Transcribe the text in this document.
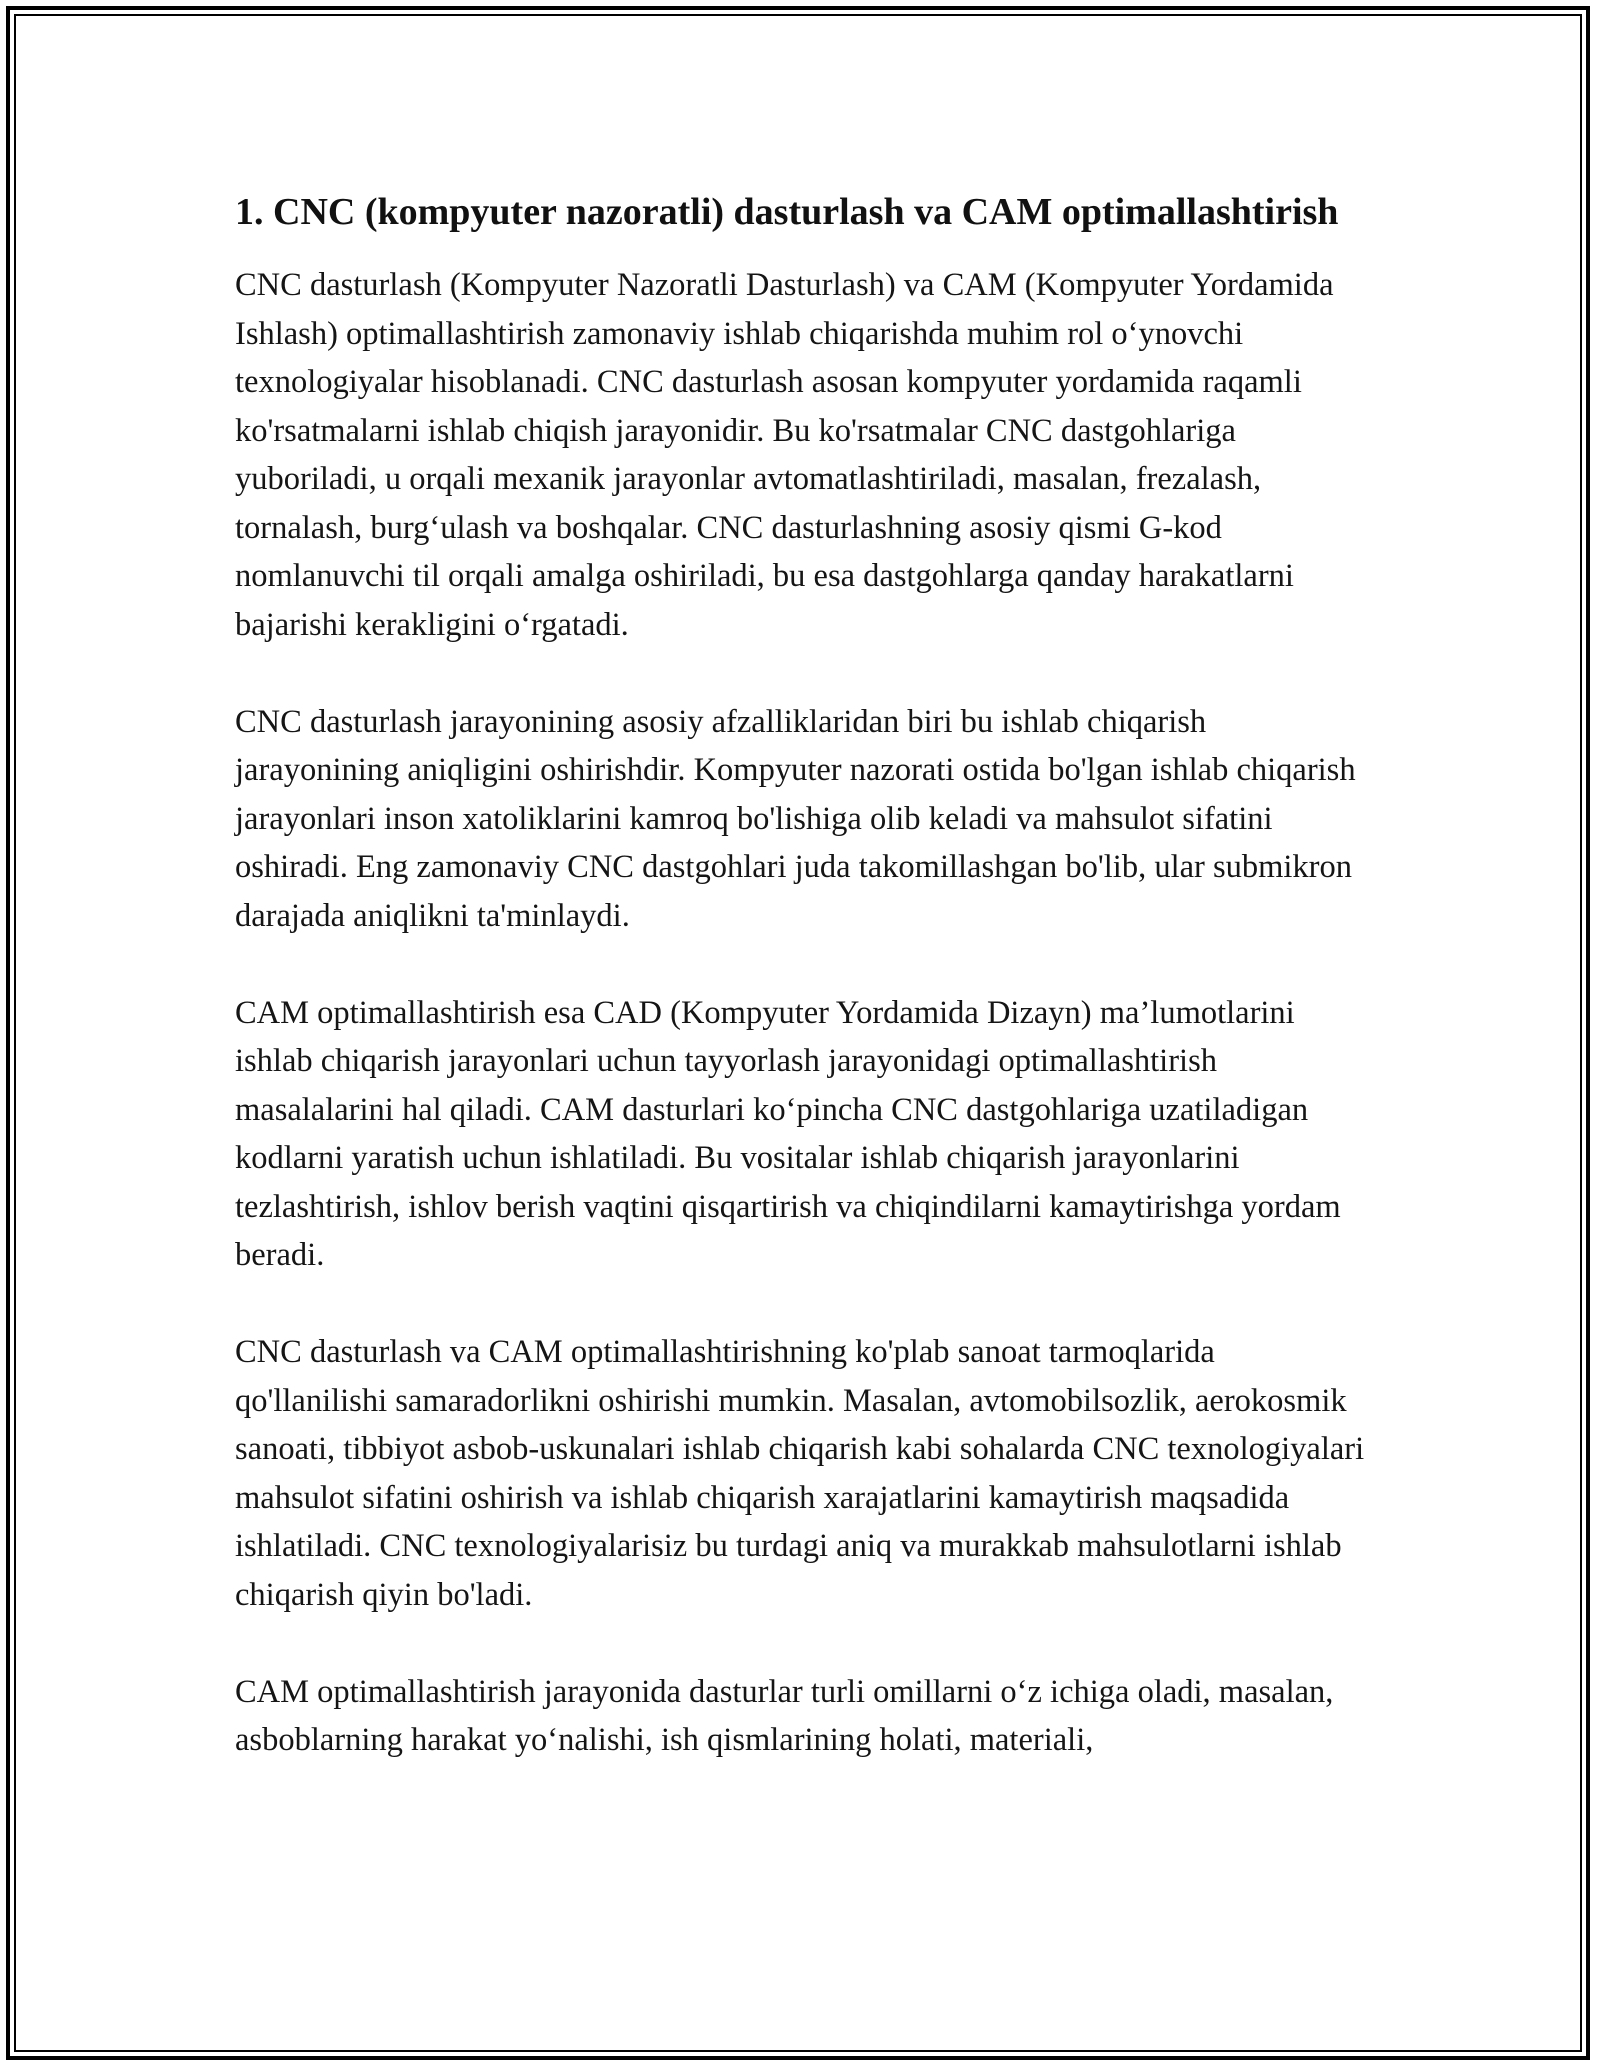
1. CNC (kompyuter nazoratli) dasturlash va CAM optimallashtirish

CNC dasturlash (Kompyuter Nazoratli Dasturlash) va CAM (Kompyuter Yordamida Ishlash) optimallashtirish zamonaviy ishlab chiqarishda muhim rol o‘ynovchi texnologiyalar hisoblanadi. CNC dasturlash asosan kompyuter yordamida raqamli ko'rsatmalarni ishlab chiqish jarayonidir. Bu ko'rsatmalar CNC dastgohlariga yuboriladi, u orqali mexanik jarayonlar avtomatlashtiriladi, masalan, frezalash, tornalash, burg‘ulash va boshqalar. CNC dasturlashning asosiy qismi G-kod nomlanuvchi til orqali amalga oshiriladi, bu esa dastgohlarga qanday harakatlarni bajarishi kerakligini o‘rgatadi.

CNC dasturlash jarayonining asosiy afzalliklaridan biri bu ishlab chiqarish jarayonining aniqligini oshirishdir. Kompyuter nazorati ostida bo'lgan ishlab chiqarish jarayonlari inson xatoliklarini kamroq bo'lishiga olib keladi va mahsulot sifatini oshiradi. Eng zamonaviy CNC dastgohlari juda takomillashgan bo'lib, ular submikron darajada aniqlikni ta'minlaydi.

CAM optimallashtirish esa CAD (Kompyuter Yordamida Dizayn) ma’lumotlarini ishlab chiqarish jarayonlari uchun tayyorlash jarayonidagi optimallashtirish masalalarini hal qiladi. CAM dasturlari ko‘pincha CNC dastgohlariga uzatiladigan kodlarni yaratish uchun ishlatiladi. Bu vositalar ishlab chiqarish jarayonlarini tezlashtirish, ishlov berish vaqtini qisqartirish va chiqindilarni kamaytirishga yordam beradi.

CNC dasturlash va CAM optimallashtirishning ko'plab sanoat tarmoqlarida qo'llanilishi samaradorlikni oshirishi mumkin. Masalan, avtomobilsozlik, aerokosmik sanoati, tibbiyot asbob-uskunalari ishlab chiqarish kabi sohalarda CNC texnologiyalari mahsulot sifatini oshirish va ishlab chiqarish xarajatlarini kamaytirish maqsadida ishlatiladi. CNC texnologiyalarisiz bu turdagi aniq va murakkab mahsulotlarni ishlab chiqarish qiyin bo'ladi.

CAM optimallashtirish jarayonida dasturlar turli omillarni o‘z ichiga oladi, masalan, asboblarning harakat yo‘nalishi, ish qismlarining holati, materiali,
